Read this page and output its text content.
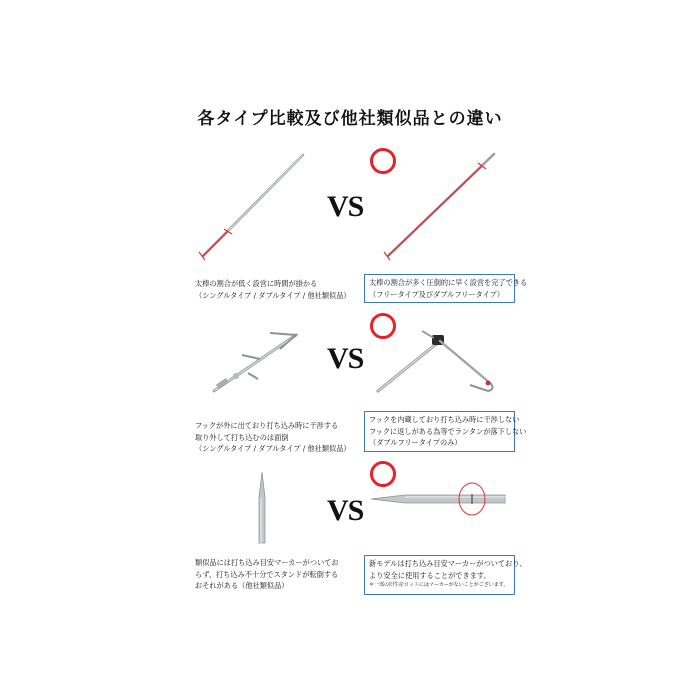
各タイプ比較及び他社類似品との違い
VS
太棒の割合が低く設営に時間が掛かる
（シングルタイプ / ダブルタイプ / 他社類似品）
太棒の割合が多く圧倒的に早く設営を完了できる
（フリータイプ及びダブルフリータイプ）
VS
フックが外に出ており打ち込み時に干渉する
取り外して打ち込むのは面倒
（シングルタイプ / ダブルタイプ / 他社類似品）
フックを内蔵しており打ち込み時に干渉しない
フックに返しがある為等でランタンが落下しない
（ダブルフリータイプのみ）
VS
類似品には打ち込み目安マーカーがついてお
らず、打ち込み不十分でスタンドが転倒する
おそれがある（他社類似品）
新モデルは打ち込み目安マーカーがついており、
より安全に使用することができます。
＊一部の旧生産ロットにはマーカーがないことがございます。
